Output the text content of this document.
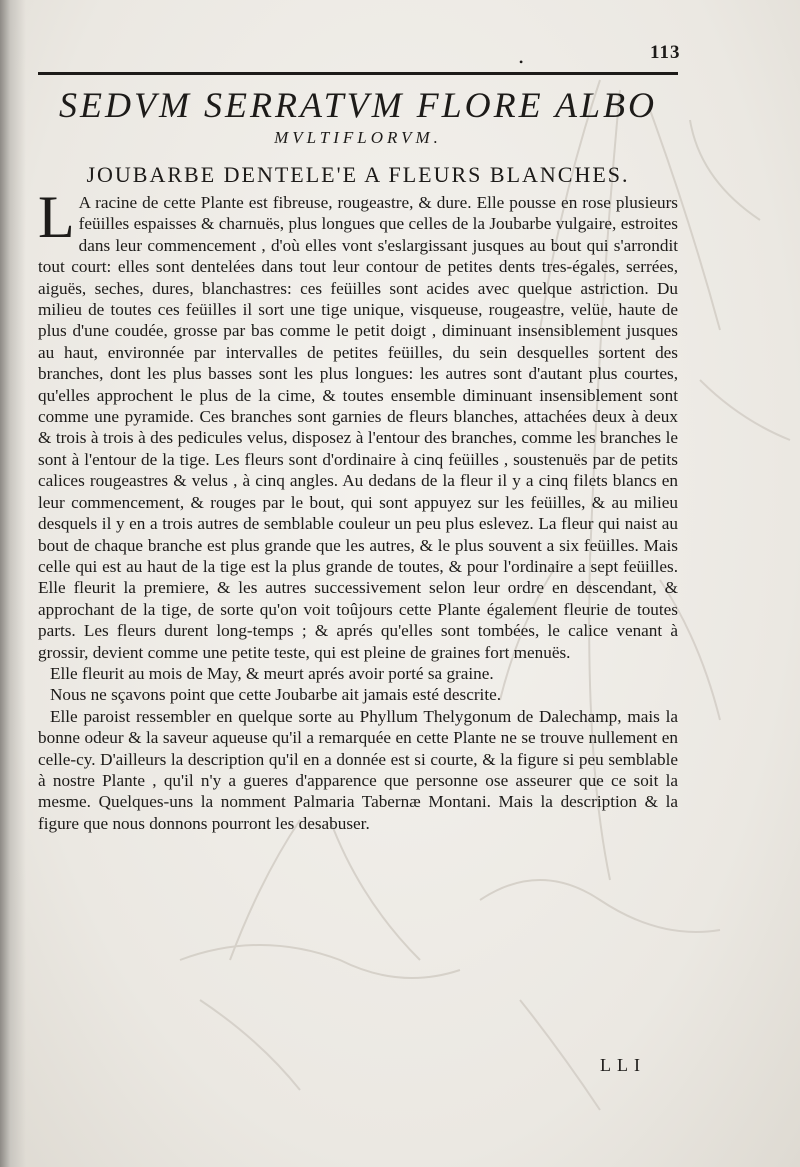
•	113
SEDVM SERRATVM FLORE ALBO
MVLTIFLORVM.
JOUBARBE DENTELE'E A FLEURS BLANCHES.

L A racine de cette Plante est fibreuse, rougeastre, & dure. Elle pousse en rose plusieurs feüilles espaisses & charnuës, plus longues que celles de la Joubarbe vulgaire, estroites dans leur commencement , d'où elles vont s'eslargissant jusques au bout qui s'arrondit tout court: elles sont dentelées dans tout leur contour de petites dents tres-égales, serrées, aiguës, seches, dures, blanchastres: ces feüilles sont acides avec quelque astriction. Du milieu de toutes ces feüilles il sort une tige unique, visqueuse, rougeastre, velüe, haute de plus d'une coudée, grosse par bas comme le petit doigt , diminuant insensiblement jusques au haut, environnée par intervalles de petites feüilles, du sein desquelles sortent des branches, dont les plus basses sont les plus longues: les autres sont d'autant plus courtes, qu'elles approchent le plus de la cime, & toutes ensemble diminuant insensiblement sont comme une pyramide. Ces branches sont garnies de fleurs blanches, attachées deux à deux & trois à trois à des pedicules velus, disposez à l'entour des branches, comme les branches le sont à l'entour de la tige. Les fleurs sont d'ordinaire à cinq feüilles , soustenuës par de petits calices rougeastres & velus , à cinq angles. Au dedans de la fleur il y a cinq filets blancs en leur commencement, & rouges par le bout, qui sont appuyez sur les feüilles, & au milieu desquels il y en a trois autres de semblable couleur un peu plus eslevez. La fleur qui naist au bout de chaque branche est plus grande que les autres, & le plus souvent a six feüilles. Mais celle qui est au haut de la tige est la plus grande de toutes, & pour l'ordinaire a sept feüilles. Elle fleurit la premiere, & les autres successivement selon leur ordre en descendant, & approchant de la tige, de sorte qu'on voit toûjours cette Plante également fleurie de toutes parts. Les fleurs durent long-temps ; & aprés qu'elles sont tombées, le calice venant à grossir, devient comme une petite teste, qui est pleine de graines fort menuës.

Elle fleurit au mois de May, & meurt aprés avoir porté sa graine.

Nous ne sçavons point que cette Joubarbe ait jamais esté descrite.

Elle paroist ressembler en quelque sorte au Phyllum Thelygonum de Dalechamp, mais la bonne odeur & la saveur aqueuse qu'il a remarquée en cette Plante ne se trouve nullement en celle-cy. D'ailleurs la description qu'il en a donnée est si courte, & la figure si peu semblable à nostre Plante , qu'il n'y a gueres d'apparence que personne ose asseurer que ce soit la mesme. Quelques-uns la nomment Palmaria Tabernæ Montani. Mais la description & la figure que nous donnons pourront les desabuser.

LLI
